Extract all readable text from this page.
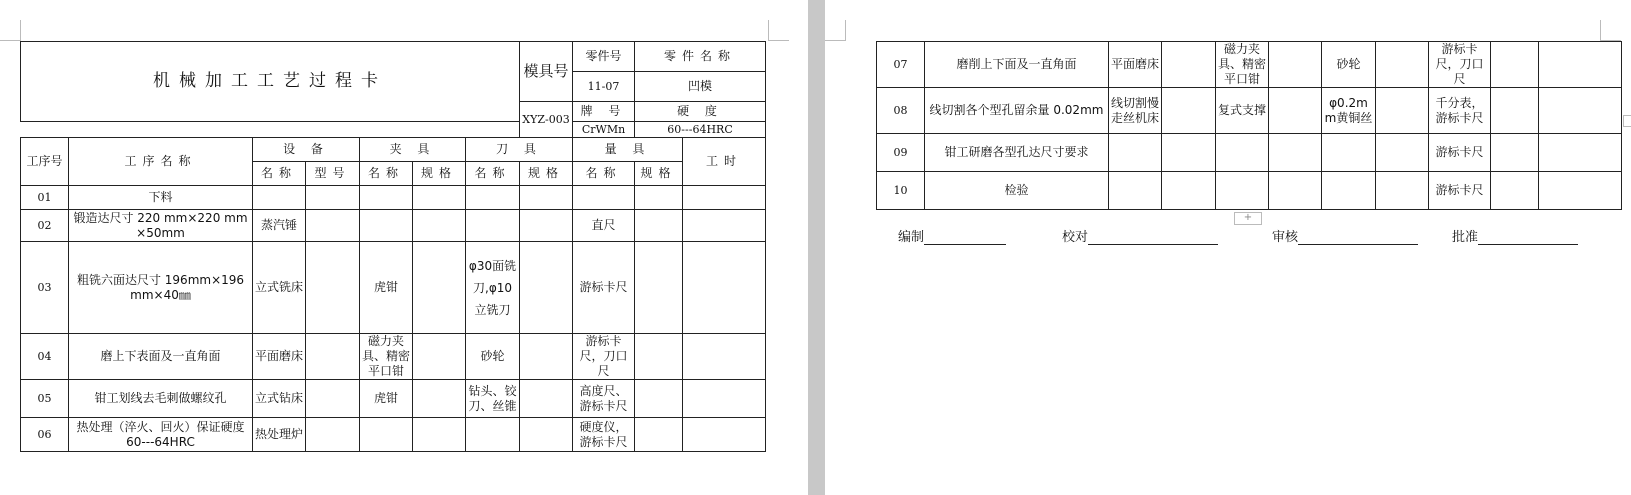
机械加工工艺过程卡							模具号	零件号	零件名称	
								11-07	凹模	
							XYZ-003	牌 号	硬 度	
								CrWMn	60---64HRC	
工序号	工序名称	设 备		夹 具		刀 具		量 具		工时
		名称	型号	名称	规格	名称	规格	名称	规格	
01	下料									
02	锻造达尺寸 220 mm×220 mm×50mm	蒸汽锤						直尺		
03	粗铣六面达尺寸 196mm×196 mm×40㎜	立式铣床		虎钳		φ30面铣刀,φ10立铣刀		游标卡尺		
04	磨上下表面及一直角面	平面磨床		磁力夹具、精密平口钳		砂轮		游标卡尺，刀口尺		
05	钳工划线去毛刺做螺纹孔	立式钻床		虎钳		钻头、铰刀、丝锥		高度尺、游标卡尺		
06	热处理（淬火、回火）保证硬度 60---64HRC	热处理炉						硬度仪，游标卡尺		
07	磨削上下面及一直角面	平面磨床		磁力夹具、精密平口钳		砂轮		游标卡尺，刀口尺		
08	线切割各个型孔留余量 0.02mm	线切割慢走丝机床		复式支撑		φ0.2mm黄铜丝		千分表，游标卡尺		
09	钳工研磨各型孔达尺寸要求							游标卡尺		
10	检验							游标卡尺		
+
编制	校对	审核	批准
